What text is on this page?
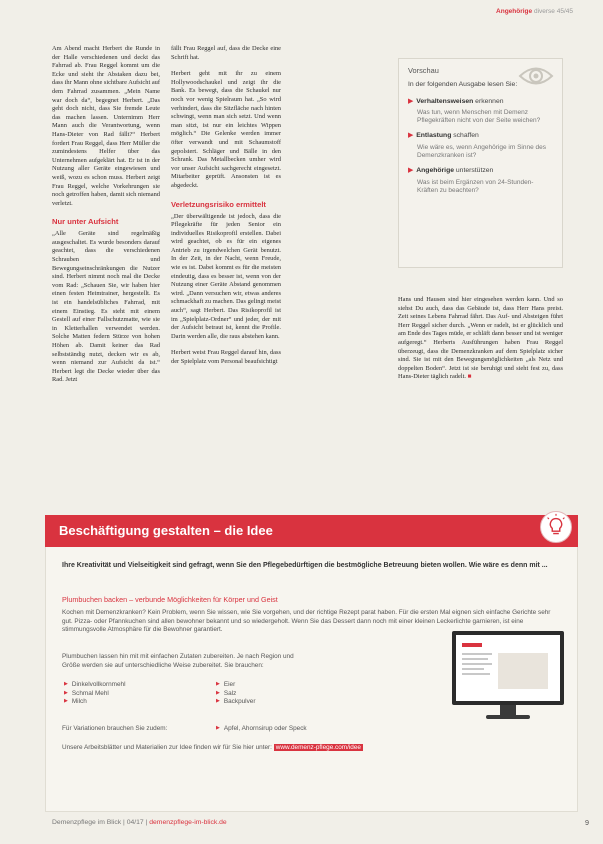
Angehörige diverse 45/45

Am Abend macht Herbert die Runde in der Halle verschiedenen und deckt das Fahrrad ab. Frau Reggel kommt um die Ecke und sieht ihr Abstaken dazu bei, dass ihr Mann ohne sichtbare Aufsicht auf dem Fahrrad zusammen. „Mein Name war doch da“, begegnet Herbert. „Das geht doch nicht, dass Sie fremde Leute das machen lassen. Unternimm Herr Mann auch die Verantwortung, wenn Hans-Dieter von Rad fällt?“ Herbert fordert Frau Reggel, dass Herr Müller die zumindestens Helfer über das Unternehmen aufgeklärt hat. Er ist in der Nutzung aller Geräte eingewiesen und weiß, wozu es schon muss. Herbert zeigt Frau Reggel, welche Vorkehrungen sie noch getroffen haben, damit sich niemand verletzt.

Nur unter Aufsicht

„Alle Geräte sind regelmäßig ausgeschaltet. Es wurde besonders darauf geachtet, dass die verschiedenen Schrauben und Bewegungseinschränkungen die Nutzer sind. Herbert nimmt noch mal die Decke vom Rad: „Schauen Sie, wir haben hier einen festen Heimtrainer, hergestellt. Es ist ein handelsübliches Fahrrad, mit einem Einstieg. Es steht mit einem Gestell auf einer Fallschutzmatte, wie sie in Kletterhallen verwendet werden. Solche Matten federn Stürze von hohen Höhen ab. Damit keiner das Rad selbstständig nutzt, decken wir es ab, wenn niemand zur Aufsicht da ist.“ Herbert legt die Decke wieder über das Rad. Jetzt

fällt Frau Reggel auf, dass die Decke eine Schrift hat.

Herbert geht mit ihr zu einem Hollywoodschaukel und zeigt ihr die Bank. Es bewegt, dass die Schaukel nur noch vor wenig Spielraum hat. „So wird verhindert, dass die Sitzfläche nach hinten schwingt, wenn man sich setzt. Und wenn man sitzt, ist nur ein leichtes Wippen möglich.“ Die Gelenke werden immer öfter verwandt und mit Schaumstoff gepolstert. Schläger und Bälle in den Schrank. Das Metallbecken umher wird vor unser Aufsicht sachgerecht eingesetzt. Mitarbeiter geprüft. Ansonsten ist es abgedeckt.

Verletzungsrisiko ermittelt

„Der überwältigende ist jedoch, dass die Pflegekräfte für jeden Senior ein individuelles Risikoprofil erstellen. Dabei wird geachtet, ob es für ein eigenes Antrieb zu irgendwelchen Gerät benutzt. In der Zeit, in der Nacht, wenn Freude, wie es ist. Dabei kommt es für die meisten eindeutig, dass es besser ist, wenn von der Nutzung einer Geräte Abstand genommen wird. „Dann versuchen wir, etwas anderes schmackhaft zu machen. Das gelingt meist auch“, sagt Herbert. Das Risikoprofil ist im „Spielplatz-Ordner“ und jeder, der mit der Aufsicht betraut ist, kennt die Profile. Darin werden alle, die raus abstehen kann.

Herbert weist Frau Reggel darauf hin, dass der Spielplatz vom Personal beaufsichtigt

Vorschau
In der folgenden Ausgabe lesen Sie:
▶ Verhaltensweisen erkennen
Was tun, wenn Menschen mit Demenz Pflegekräften nicht von der Seite weichen?
▶ Entlastung schaffen
Wie wäre es, wenn Angehörige im Sinne des Demenzkranken ist?
▶ Angehörige unterstützen
Was ist beim Ergänzen von 24-Stunden-Kräften zu beachten?
Hans und Hausen sind hier eingesehen werden kann. Und so siehst Du auch, dass das Gebäude ist, dass Herr Hans preist. Zeit seines Lebens Fahrrad fährt. Das Auf- und Absteigen führt Herr Reggel sicher durch. „Wenn er radelt, ist er glücklich und am Ende des Tages müde, er schläft dann besser und ist weniger aufgeregt.“ Herberts Ausführungen haben Frau Reggel überzeugt, dass die Demenzkranken auf dem Spielplatz sicher sind. Sie ist mit den Bewegungsmöglichkeiten „als Netz und doppelten Boden“. Jetzt ist sie beruhigt und sieht fest zu, dass Hans-Dieter täglich radelt. ■
Beschäftigung gestalten – die Idee
Ihre Kreativität und Vielseitigkeit sind gefragt, wenn Sie den Pflegebedürftigen die bestmögliche Betreuung bieten wollen. Wie wäre es denn mit ...
Plumbuchen backen – verbunde Möglichkeiten für Körper und Geist
Kochen mit Demenzkranken? Kein Problem, wenn Sie wissen, wie Sie vorgehen, und der richtige Rezept parat haben. Für die ersten Mal eignen sich einfache Gerichte sehr gut. Pizza- oder Pfannkuchen sind allen bewohner bekannt und so wiedergeholt. Wenn Sie das Dessert dann noch mit einer kleinen Leckerlichte garnieren, ist eine stimmungsvolle Atmosphäre für die Bewohner garantiert.
Plumbuchen lassen hin mit mit einfachen Zutaten zubereiten. Je nach Region und Größe werden sie auf unterschiedliche Weise zubereitet. Sie brauchen:
▶ Dinkelvollkornmehl
▶ Schmal Mehl
▶ Milch
▶ Eier
▶ Salz
▶ Backpulver
Für Variationen brauchen Sie zudem:
▶	Apfel, Ahornsirup oder Speck
Unsere Arbeitsblätter und Materialien zur Idee finden wir für Sie hier unter: www.demenz-pflege.com/idee
Demenzpflege im Blick | 04/17 | demenzpflege-im-blick.de	9
